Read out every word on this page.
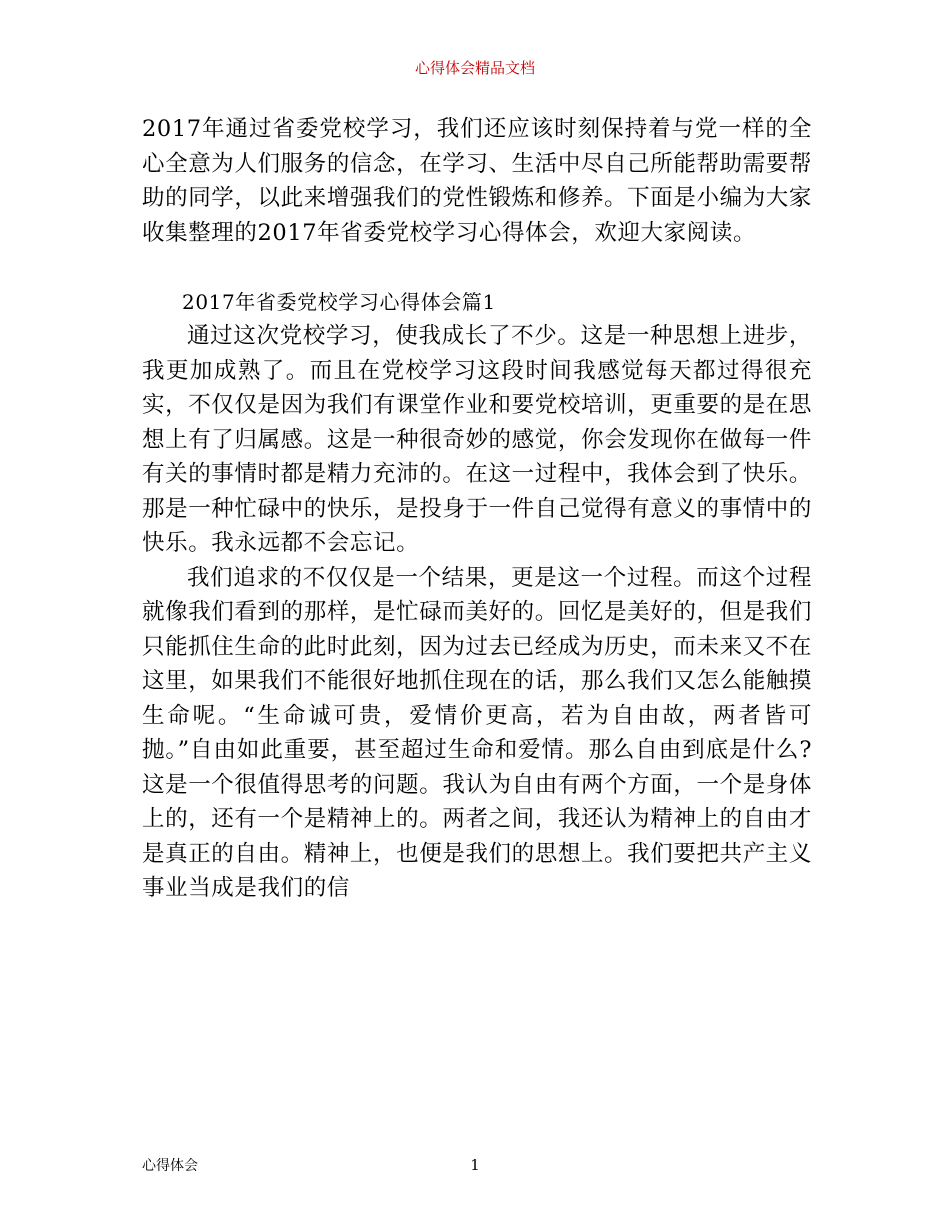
心得体会精品文档

2017年通过省委党校学习，我们还应该时刻保持着与党一样的全心全意为人们服务的信念，在学习、生活中尽自己所能帮助需要帮助的同学，以此来增强我们的党性锻炼和修养。下面是小编为大家收集整理的2017年省委党校学习心得体会，欢迎大家阅读。

2017年省委党校学习心得体会篇1

通过这次党校学习，使我成长了不少。这是一种思想上进步，我更加成熟了。而且在党校学习这段时间我感觉每天都过得很充实，不仅仅是因为我们有课堂作业和要党校培训，更重要的是在思想上有了归属感。这是一种很奇妙的感觉，你会发现你在做每一件有关的事情时都是精力充沛的。在这一过程中，我体会到了快乐。那是一种忙碌中的快乐，是投身于一件自己觉得有意义的事情中的快乐。我永远都不会忘记。

我们追求的不仅仅是一个结果，更是这一个过程。而这个过程就像我们看到的那样，是忙碌而美好的。回忆是美好的，但是我们只能抓住生命的此时此刻，因为过去已经成为历史，而未来又不在这里，如果我们不能很好地抓住现在的话，那么我们又怎么能触摸生命呢。“生命诚可贵，爱情价更高，若为自由故，两者皆可抛。”自由如此重要，甚至超过生命和爱情。那么自由到底是什么?这是一个很值得思考的问题。我认为自由有两个方面，一个是身体上的，还有一个是精神上的。两者之间，我还认为精神上的自由才是真正的自由。精神上，也便是我们的思想上。我们要把共产主义事业当成是我们的信

心得体会	1
